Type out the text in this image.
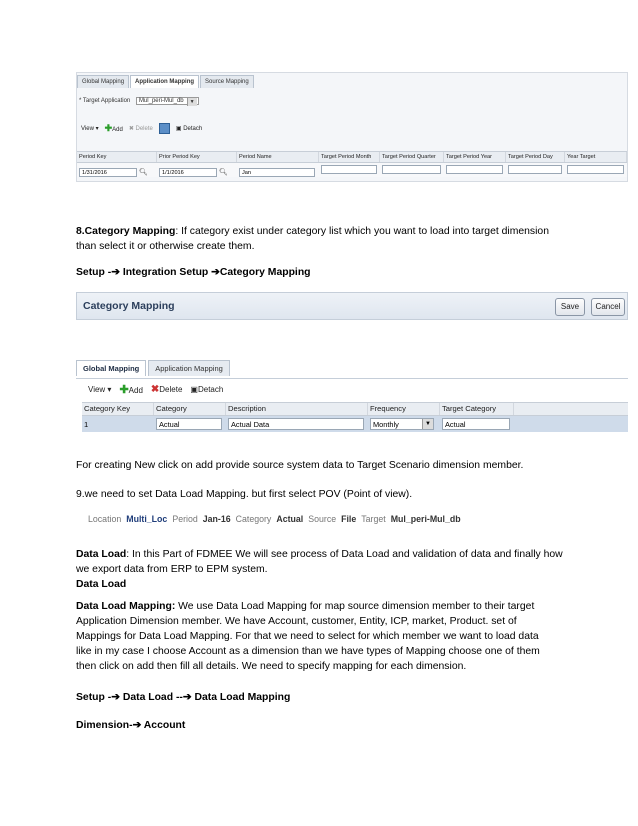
Global Mapping	Application Mapping	Source Mapping
* Target Application Mul_peri-Mul_db	▼
View ▾ ✚Add ✖ Delete	▣ Detach
Period Key	Prior Period Key	Period Name	Target Period Month	Target Period Quarter	Target Period Year	Target Period Day	Year Target
1/31/2016	🔍︎	1/1/2016	🔍︎	Jan
8.Category Mapping: If category exist under category list which you want to load into target dimension
than select it or otherwise create them.
Setup -➔ Integration Setup ➔Category Mapping
Category Mapping	Save	Cancel
Global Mapping	Application Mapping
View ▾ ✚Add ✖Delete ▣Detach
Category Key	Category	Description	Frequency	Target Category
1	Actual	Actual Data	Monthly	▼	Actual
For creating New click on add provide source system data to Target Scenario dimension member.
9.we need to set Data Load Mapping. but first select POV (Point of view).
Location Multi_Loc Period Jan-16 Category Actual Source File Target Mul_peri-Mul_db
Data Load: In this Part of FDMEE We will see process of Data Load and validation of data and finally how
we export data from ERP to EPM system.
Data Load
Data Load Mapping: We use Data Load Mapping for map source dimension member to their target
Application Dimension member. We have Account, customer, Entity, ICP, market, Product. set of
Mappings for Data Load Mapping. For that we need to select for which member we want to load data
like in my case I choose Account as a dimension than we have types of Mapping choose one of them
then click on add then fill all details. We need to specify mapping for each dimension.
Setup -➔ Data Load --➔ Data Load Mapping
Dimension-➔ Account
